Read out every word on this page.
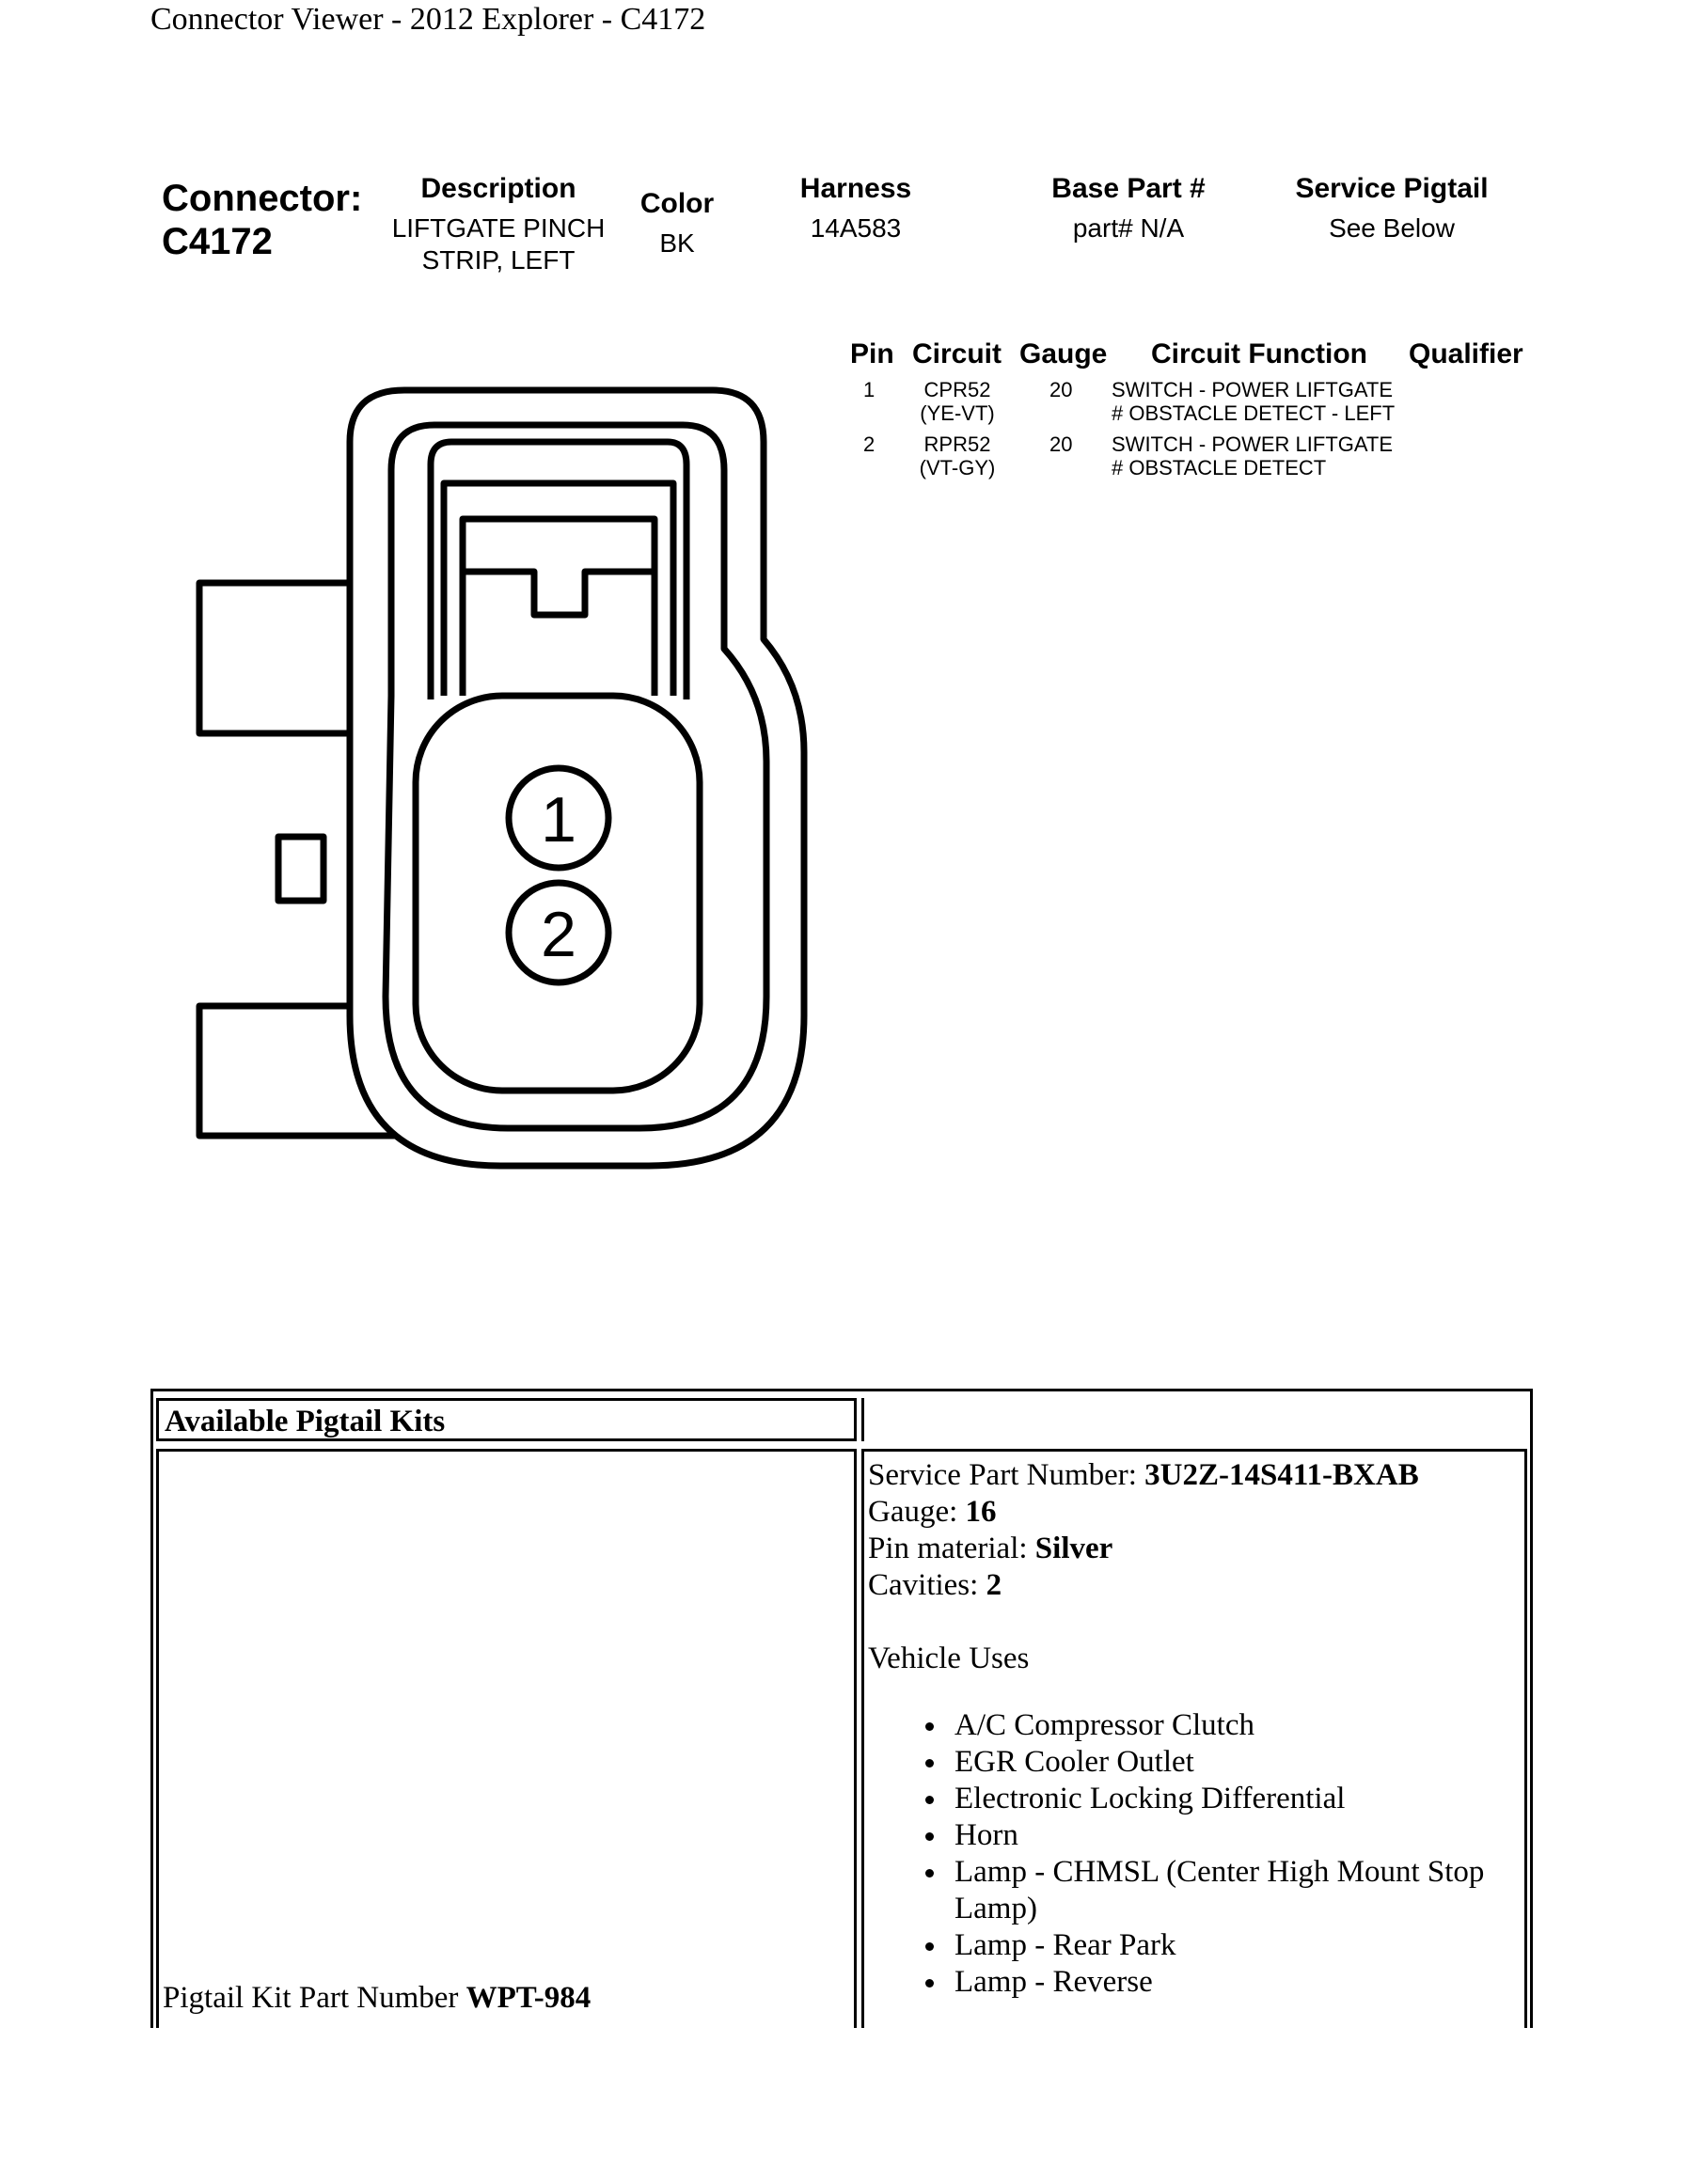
Connector Viewer - 2012 Explorer - C4172
Connector:
C4172
Description
LIFTGATE PINCH
STRIP, LEFT
Color
BK
Harness
14A583
Base Part #
part# N/A
Service Pigtail
See Below
Pin Circuit Gauge Circuit Function Qualifier
1	CPR52
(YE-VT)
20 SWITCH - POWER LIFTGATE
# OBSTACLE DETECT - LEFT
2	RPR52
(VT-GY)
20 SWITCH - POWER LIFTGATE
# OBSTACLE DETECT
1
2
Available Pigtail Kits
Pigtail Kit Part Number WPT-984
Service Part Number: 3U2Z-14S411-BXAB
Gauge: 16
Pin material: Silver
Cavities: 2
Vehicle Uses
• A/C Compressor Clutch
• EGR Cooler Outlet
• Electronic Locking Differential
• Horn
• Lamp - CHMSL (Center High Mount Stop Lamp)
• Lamp - Rear Park
• Lamp - Reverse
